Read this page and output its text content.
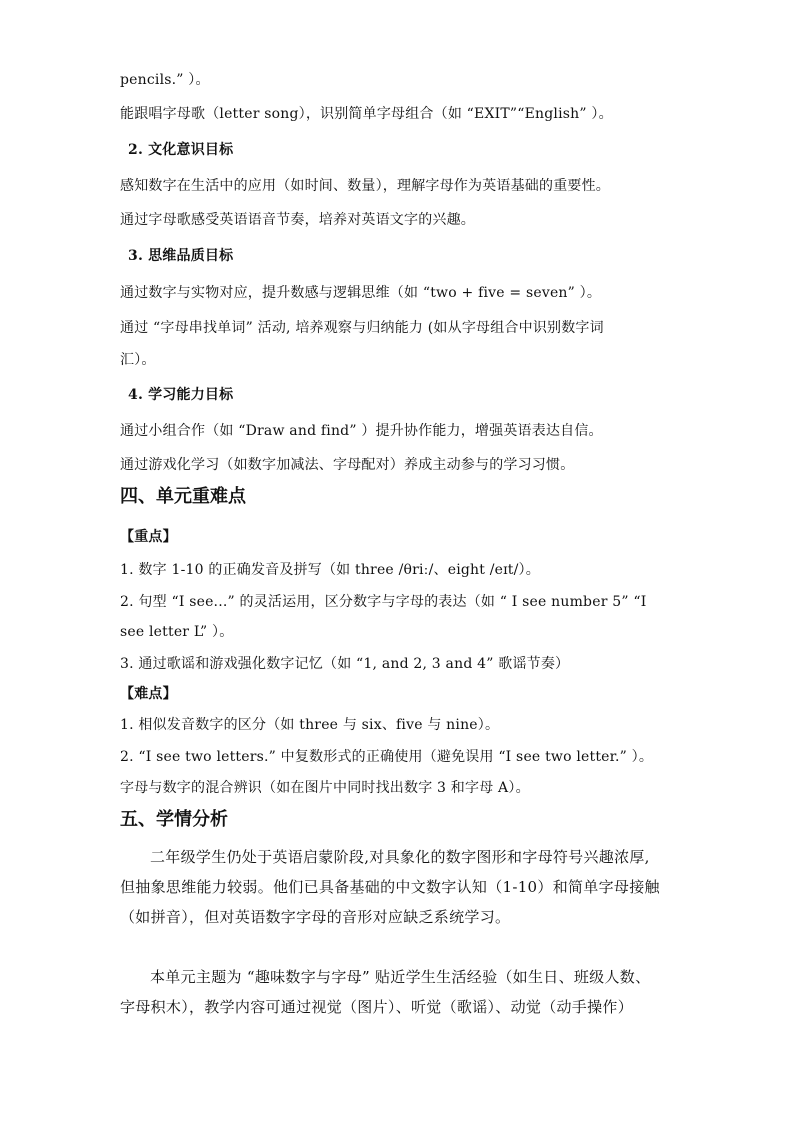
pencils.” ）。
能跟唱字母歌（letter song），识别简单字母组合（如 “EXIT”“English” ）。
2. 文化意识目标
感知数字在生活中的应用（如时间、数量），理解字母作为英语基础的重要性。
通过字母歌感受英语语音节奏，培养对英语文字的兴趣。
3. 思维品质目标
通过数字与实物对应，提升数感与逻辑思维（如 “two + five = seven” ）。
通过 “字母串找单词” 活动, 培养观察与归纳能力 (如从字母组合中识别数字词
汇）。
4. 学习能力目标
通过小组合作（如 “Draw and find” ）提升协作能力，增强英语表达自信。
通过游戏化学习（如数字加减法、字母配对）养成主动参与的学习习惯。
四、单元重难点
【重点】
1. 数字 1-10 的正确发音及拼写（如 three /θriː/、eight /eɪt/）。
2. 句型 “I see...” 的灵活运用，区分数字与字母的表达（如 “ I see number 5” “I
see letter L” ）。
3. 通过歌谣和游戏强化数字记忆（如 “1, and 2, 3 and 4” 歌谣节奏）
【难点】
1. 相似发音数字的区分（如 three 与 six、five 与 nine）。
2. “I see two letters.” 中复数形式的正确使用（避免误用 “I see two letter.” ）。
字母与数字的混合辨识（如在图片中同时找出数字 3 和字母 A）。
五、学情分析
二年级学生仍处于英语启蒙阶段,对具象化的数字图形和字母符号兴趣浓厚,
但抽象思维能力较弱。他们已具备基础的中文数字认知（1-10）和简单字母接触
（如拼音），但对英语数字字母的音形对应缺乏系统学习。
本单元主题为 “趣味数字与字母” 贴近学生生活经验（如生日、班级人数、
字母积木），教学内容可通过视觉（图片）、听觉（歌谣）、动觉（动手操作）
